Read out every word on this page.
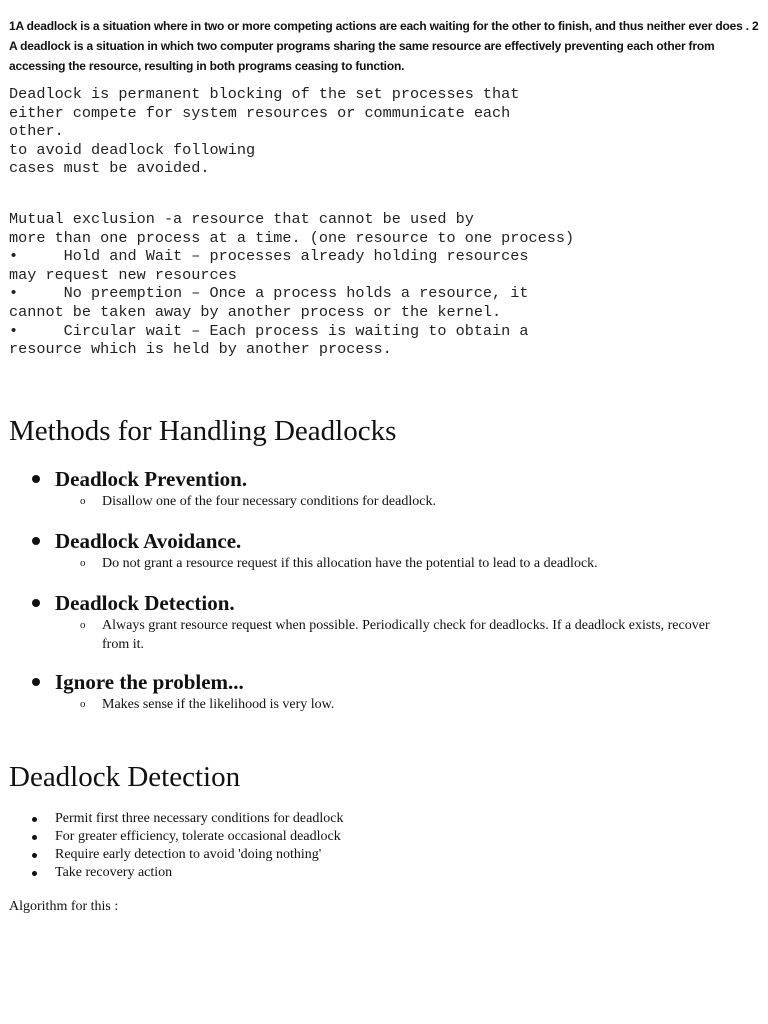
1A deadlock is a situation where in two or more competing actions are each waiting for the other to finish, and thus neither ever does . 2 A deadlock is a situation in which two computer programs sharing the same resource are effectively preventing each other from accessing the resource, resulting in both programs ceasing to function.

Deadlock is permanent blocking of the set processes that
either compete for system resources or communicate each
other.
to avoid deadlock following
cases must be avoided.
Mutual exclusion -a resource that cannot be used by
more than one process at a time. (one resource to one process)
•     Hold and Wait – processes already holding resources
may request new resources
•     No preemption – Once a process holds a resource, it
cannot be taken away by another process or the kernel.
•     Circular wait – Each process is waiting to obtain a
resource which is held by another process.
Methods for Handling Deadlocks
Deadlock Prevention.
o	Disallow one of the four necessary conditions for deadlock.
Deadlock Avoidance.
o	Do not grant a resource request if this allocation have the potential to lead to a deadlock.
Deadlock Detection.
o	Always grant resource request when possible. Periodically check for deadlocks. If a deadlock exists, recover from it.
Ignore the problem...
o	Makes sense if the likelihood is very low.
Deadlock Detection
Permit first three necessary conditions for deadlock
For greater efficiency, tolerate occasional deadlock
Require early detection to avoid 'doing nothing'
Take recovery action

Algorithm for this :
